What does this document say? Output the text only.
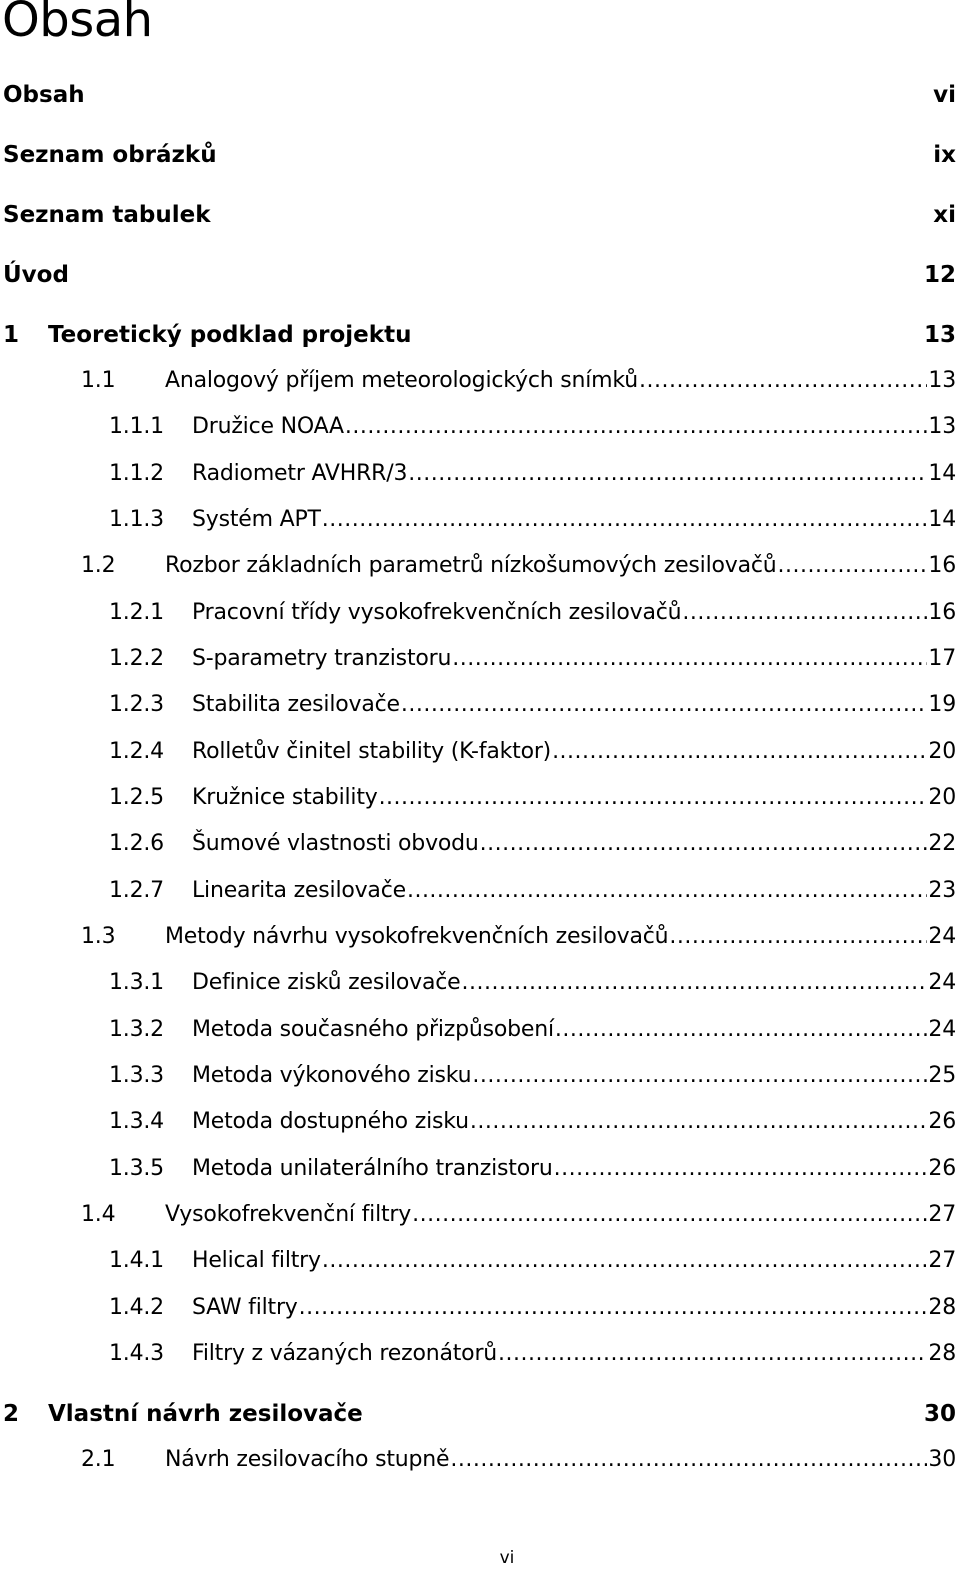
Obsah
Obsah	vi
Seznam obrázků	ix
Seznam tabulek	xi
Úvod	12
1	Teoretický podklad projektu	13
1.1	Analogový příjem meteorologických snímků .....	13
1.1.1	Družice NOAA .....	13
1.1.2	Radiometr AVHRR/3 .....	14
1.1.3	Systém APT .....	14
1.2	Rozbor základních parametrů nízkošumových zesilovačů .....	16
1.2.1	Pracovní třídy vysokofrekvenčních zesilovačů .....	16
1.2.2	S-parametry tranzistoru .....	17
1.2.3	Stabilita zesilovače .....	19
1.2.4	Rolletův činitel stability (K-faktor) .....	20
1.2.5	Kružnice stability .....	20
1.2.6	Šumové vlastnosti obvodu .....	22
1.2.7	Linearita zesilovače .....	23
1.3	Metody návrhu vysokofrekvenčních zesilovačů .....	24
1.3.1	Definice zisků zesilovače .....	24
1.3.2	Metoda současného přizpůsobení .....	24
1.3.3	Metoda výkonového zisku .....	25
1.3.4	Metoda dostupného zisku .....	26
1.3.5	Metoda unilaterálního tranzistoru .....	26
1.4	Vysokofrekvenční filtry .....	27
1.4.1	Helical filtry .....	27
1.4.2	SAW filtry .....	28
1.4.3	Filtry z vázaných rezonátorů .....	28
2	Vlastní návrh zesilovače	30
2.1	Návrh zesilovacího stupně .....	30
vi
